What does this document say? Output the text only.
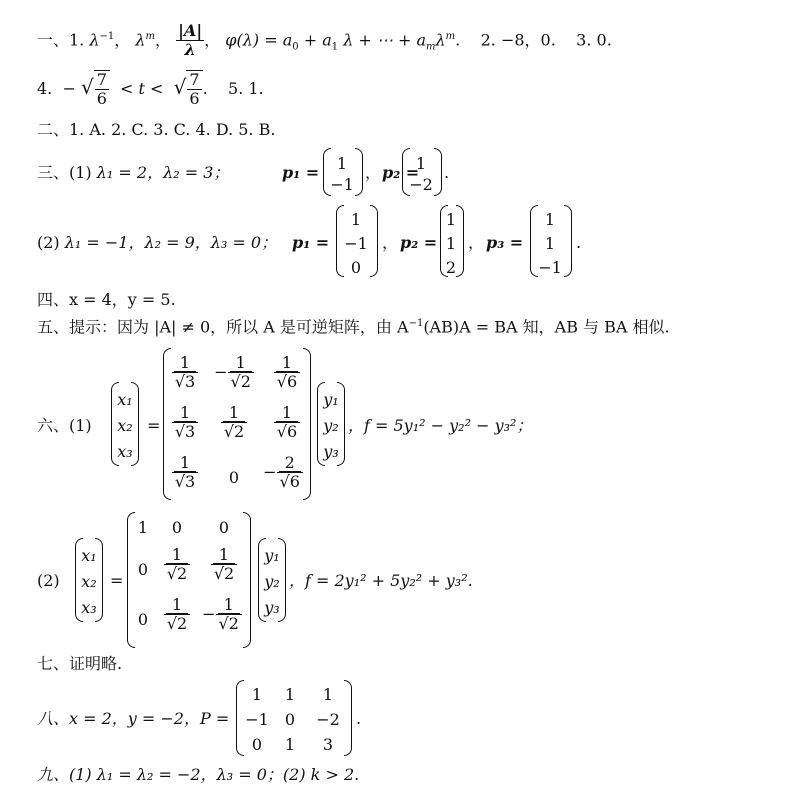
一、1. $\lambda^{-1}$， $\lambda^m$， $\frac{|A|}{\lambda}$ ， $\varphi(\lambda) = a_0 + a_1$ λ + ⋯ + $a_m\lambda^m$. 2. −8，0. 3. 0.
4. − √ $\frac{7}{6} < t$ < √ $\frac{7}{6}$ .    5. 1.
二、1. A. 2. C. 3. C. 4. D. 5. B.
三、(1) λ₁ = 2，λ₂ = 3；	p₁ =	1
−1
， p₂ =
1
−2
.
(2) λ₁ = −1，λ₂ = 9，λ₃ = 0； p₁ =
1
−1
0
， p₂ =
1
1
2
， p₃ =
1
1
−1
.
四、x = 4，y = 5.
五、提示：因为 |A| ≠ 0，所以 A 是可逆矩阵，由 $A^{-1}(AB)A$ = BA 知，AB 与 BA 相似.
六、(1)
x₁
x₂
x₃
=
$\frac{1}{√3} - \frac{1}{√2} \frac{1}{√6}$
$\frac{1}{√3} \frac{1}{√2} \frac{1}{√6}$
$\frac{1}{√3}$	0	− $\frac{2}{√6}$
y₁
y₂
y₃
，f = 5y₁² − y₂² − y₃²；
(2)
x₁
x₂
x₃
=
1	0	0
$0 \frac{1}{√2} \frac{1}{√2}$
$0 \frac{1}{√2} - \frac{1}{√2}$
y₁
y₂
y₃
，f = 2y₁² + 5y₂² + y₃².
七、证明略.
八、x = 2，y = −2，P =
1	1	1
−1	0	−2
0	1	3
.
九、(1) λ₁ = λ₂ = −2，λ₃ = 0；(2) k > 2.
